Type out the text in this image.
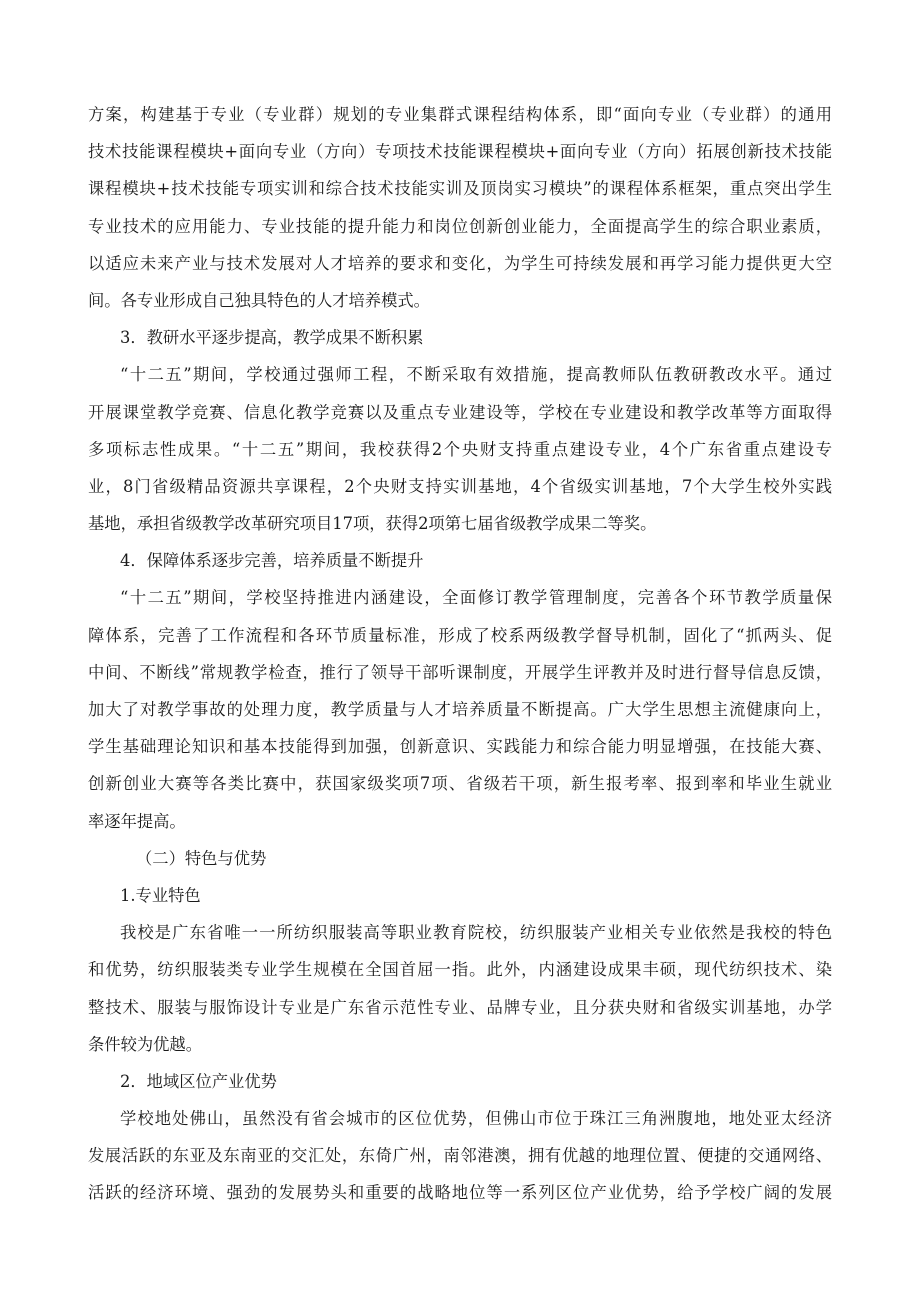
方案，构建基于专业（专业群）规划的专业集群式课程结构体系，即“面向专业（专业群）的通用
技术技能课程模块+面向专业（方向）专项技术技能课程模块+面向专业（方向）拓展创新技术技能
课程模块+技术技能专项实训和综合技术技能实训及顶岗实习模块”的课程体系框架，重点突出学生
专业技术的应用能力、专业技能的提升能力和岗位创新创业能力，全面提高学生的综合职业素质，
以适应未来产业与技术发展对人才培养的要求和变化，为学生可持续发展和再学习能力提供更大空
间。各专业形成自己独具特色的人才培养模式。
3．教研水平逐步提高，教学成果不断积累
“十二五”期间，学校通过强师工程，不断采取有效措施，提高教师队伍教研教改水平。通过
开展课堂教学竞赛、信息化教学竞赛以及重点专业建设等，学校在专业建设和教学改革等方面取得
多项标志性成果。“十二五”期间，我校获得2个央财支持重点建设专业，4个广东省重点建设专
业，8门省级精品资源共享课程，2个央财支持实训基地，4个省级实训基地，7个大学生校外实践
基地，承担省级教学改革研究项目17项，获得2项第七届省级教学成果二等奖。
4．保障体系逐步完善，培养质量不断提升
“十二五”期间，学校坚持推进内涵建设，全面修订教学管理制度，完善各个环节教学质量保
障体系，完善了工作流程和各环节质量标准，形成了校系两级教学督导机制，固化了“抓两头、促
中间、不断线”常规教学检查，推行了领导干部听课制度，开展学生评教并及时进行督导信息反馈，
加大了对教学事故的处理力度，教学质量与人才培养质量不断提高。广大学生思想主流健康向上，
学生基础理论知识和基本技能得到加强，创新意识、实践能力和综合能力明显增强，在技能大赛、
创新创业大赛等各类比赛中，获国家级奖项7项、省级若干项，新生报考率、报到率和毕业生就业
率逐年提高。
（二）特色与优势
1.专业特色
我校是广东省唯一一所纺织服装高等职业教育院校，纺织服装产业相关专业依然是我校的特色
和优势，纺织服装类专业学生规模在全国首屈一指。此外，内涵建设成果丰硕，现代纺织技术、染
整技术、服装与服饰设计专业是广东省示范性专业、品牌专业，且分获央财和省级实训基地，办学
条件较为优越。
2．地域区位产业优势
学校地处佛山，虽然没有省会城市的区位优势，但佛山市位于珠江三角洲腹地，地处亚太经济
发展活跃的东亚及东南亚的交汇处，东倚广州，南邻港澳，拥有优越的地理位置、便捷的交通网络、
活跃的经济环境、强劲的发展势头和重要的战略地位等一系列区位产业优势，给予学校广阔的发展
